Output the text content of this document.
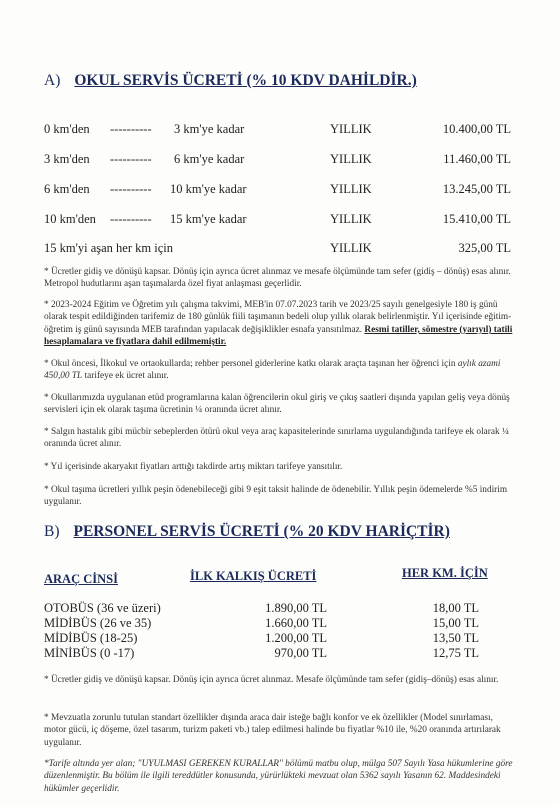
A) OKUL SERVİS ÜCRETİ (% 10 KDV DAHİLDİR.)
0 km'den ---------- 3 km'ye kadar	YILLIK	10.400,00 TL
3 km'den ---------- 6 km'ye kadar	YILLIK	11.460,00 TL
6 km'den ---------- 10 km'ye kadar	YILLIK	13.245,00 TL
10 km'den ---------- 15 km'ye kadar	YILLIK	15.410,00 TL
15 km'yi aşan her km için	YILLIK	325,00 TL
* Ücretler gidiş ve dönüşü kapsar. Dönüş için ayrıca ücret alınmaz ve mesafe ölçümünde tam sefer (gidiş – dönüş) esas alınır. Metropol hudutlarını aşan taşımalarda özel fiyat anlaşması geçerlidir.
* 2023-2024 Eğitim ve Öğretim yılı çalışma takvimi, MEB'in 07.07.2023 tarih ve 2023/25 sayılı genelgesiyle 180 iş günü olarak tespit edildiğinden tarifemiz de 180 günlük fiili taşımanın bedeli olup yıllık olarak belirlenmiştir. Yıl içerisinde eğitim-öğretim iş günü sayısında MEB tarafından yapılacak değişiklikler esnafa yansıtılmaz. Resmi tatiller, sömestre (yarıyıl) tatili hesaplamalara ve fiyatlara dahil edilmemiştir.
* Okul öncesi, İlkokul ve ortaokullarda; rehber personel giderlerine katkı olarak araçta taşınan her öğrenci için aylık azami 450,00 TL tarifeye ek ücret alınır.
* Okullarımızda uygulanan etüd programlarına kalan öğrencilerin okul giriş ve çıkış saatleri dışında yapılan geliş veya dönüş servisleri için ek olarak taşıma ücretinin ¼ oranında ücret alınır.
* Salgın hastalık gibi mücbir sebeplerden ötürü okul veya araç kapasitelerinde sınırlama uygulandığında tarifeye ek olarak ¼ oranında ücret alınır.
* Yıl içerisinde akaryakıt fiyatları arttığı takdirde artış miktarı tarifeye yansıtılır.
* Okul taşıma ücretleri yıllık peşin ödenebileceği gibi 9 eşit taksit halinde de ödenebilir. Yıllık peşin ödemelerde %5 indirim uygulanır.
B) PERSONEL SERVİS ÜCRETİ (% 20 KDV HARİÇTİR)
ARAÇ CİNSİ	İLK KALKIŞ ÜCRETİ	HER KM. İÇİN
OTOBÜS (36 ve üzeri)	1.890,00 TL	18,00 TL
MİDİBÜS (26 ve 35)	1.660,00 TL	15,00 TL
MİDİBÜS (18-25)	1.200,00 TL	13,50 TL
MİNİBÜS (0 -17)	970,00 TL	12,75 TL
* Ücretler gidiş ve dönüşü kapsar. Dönüş için ayrıca ücret alınmaz. Mesafe ölçümünde tam sefer (gidiş–dönüş) esas alınır.
* Mevzuatla zorunlu tutulan standart özellikler dışında araca dair isteğe bağlı konfor ve ek özellikler (Model sınırlaması, motor gücü, iç döşeme, özel tasarım, turizm paketi vb.) talep edilmesi halinde bu fiyatlar %10 ile, %20 oranında artırılarak uygulanır.
*Tarife altında yer alan; "UYULMASI GEREKEN KURALLAR" bölümü matbu olup, mülga 507 Sayılı Yasa hükumlerine göre düzenlenmiştir. Bu bölüm ile ilgili tereddütler konusunda, yürürlükteki mevzuat olan 5362 sayılı Yasanın 62. Maddesindeki hükümler geçerlidir.
